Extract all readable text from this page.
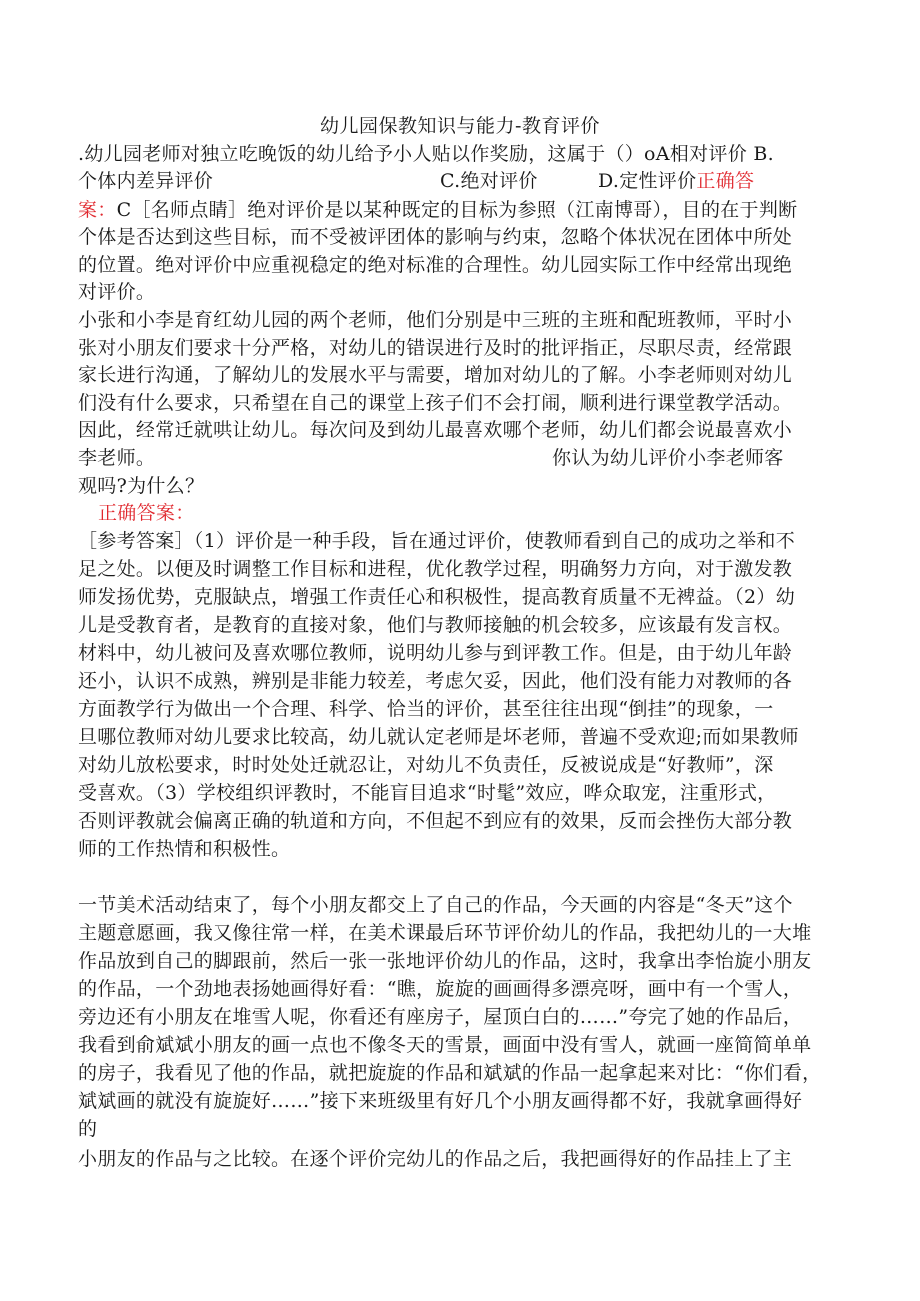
幼儿园保教知识与能力-教育评价
.幼儿园老师对独立吃晚饭的幼儿给予小人贴以作奖励，这属于（）oA相对评价 B.
个体内差异评价	C.绝对评价	D.定性评价正确答
案：C［名师点睛］绝对评价是以某种既定的目标为参照（江南博哥），目的在于判断
个体是否达到这些目标，而不受被评团体的影响与约束，忽略个体状况在团体中所处
的位置。绝对评价中应重视稳定的绝对标准的合理性。幼儿园实际工作中经常出现绝
对评价。
小张和小李是育红幼儿园的两个老师，他们分别是中三班的主班和配班教师，平时小
张对小朋友们要求十分严格，对幼儿的错误进行及时的批评指正，尽职尽责，经常跟
家长进行沟通，了解幼儿的发展水平与需要，增加对幼儿的了解。小李老师则对幼儿
们没有什么要求，只希望在自己的课堂上孩子们不会打闹，顺利进行课堂教学活动。
因此，经常迁就哄让幼儿。每次问及到幼儿最喜欢哪个老师，幼儿们都会说最喜欢小
李老师。	你认为幼儿评价小李老师客
观吗?为什么？
正确答案：
［参考答案］（1）评价是一种手段，旨在通过评价，使教师看到自己的成功之举和不
足之处。以便及时调整工作目标和进程，优化教学过程，明确努力方向，对于激发教
师发扬优势，克服缺点，增强工作责任心和积极性，提高教育质量不无裨益。（2）幼
儿是受教育者，是教育的直接对象，他们与教师接触的机会较多，应该最有发言权。
材料中，幼儿被问及喜欢哪位教师，说明幼儿参与到评教工作。但是，由于幼儿年龄
还小，认识不成熟，辨别是非能力较差，考虑欠妥，因此，他们没有能力对教师的各
方面教学行为做出一个合理、科学、恰当的评价，甚至往往出现“倒挂”的现象，一
旦哪位教师对幼儿要求比较高，幼儿就认定老师是坏老师，普遍不受欢迎;而如果教师
对幼儿放松要求，时时处处迁就忍让，对幼儿不负责任，反被说成是“好教师”，深
受喜欢。（3）学校组织评教时，不能盲目追求“时髦”效应，哗众取宠，注重形式，
否则评教就会偏离正确的轨道和方向，不但起不到应有的效果，反而会挫伤大部分教
师的工作热情和积极性。
一节美术活动结束了，每个小朋友都交上了自己的作品，今天画的内容是“冬天”这个
主题意愿画，我又像往常一样，在美术课最后环节评价幼儿的作品，我把幼儿的一大堆
作品放到自己的脚跟前，然后一张一张地评价幼儿的作品，这时，我拿出李怡旋小朋友
的作品，一个劲地表扬她画得好看：“瞧，旋旋的画画得多漂亮呀，画中有一个雪人，
旁边还有小朋友在堆雪人呢，你看还有座房子，屋顶白白的……”夸完了她的作品后，
我看到俞斌斌小朋友的画一点也不像冬天的雪景，画面中没有雪人，就画一座简简单单
的房子，我看见了他的作品，就把旋旋的作品和斌斌的作品一起拿起来对比：“你们看，
斌斌画的就没有旋旋好……”接下来班级里有好几个小朋友画得都不好，我就拿画得好
的
小朋友的作品与之比较。在逐个评价完幼儿的作品之后，我把画得好的作品挂上了主
